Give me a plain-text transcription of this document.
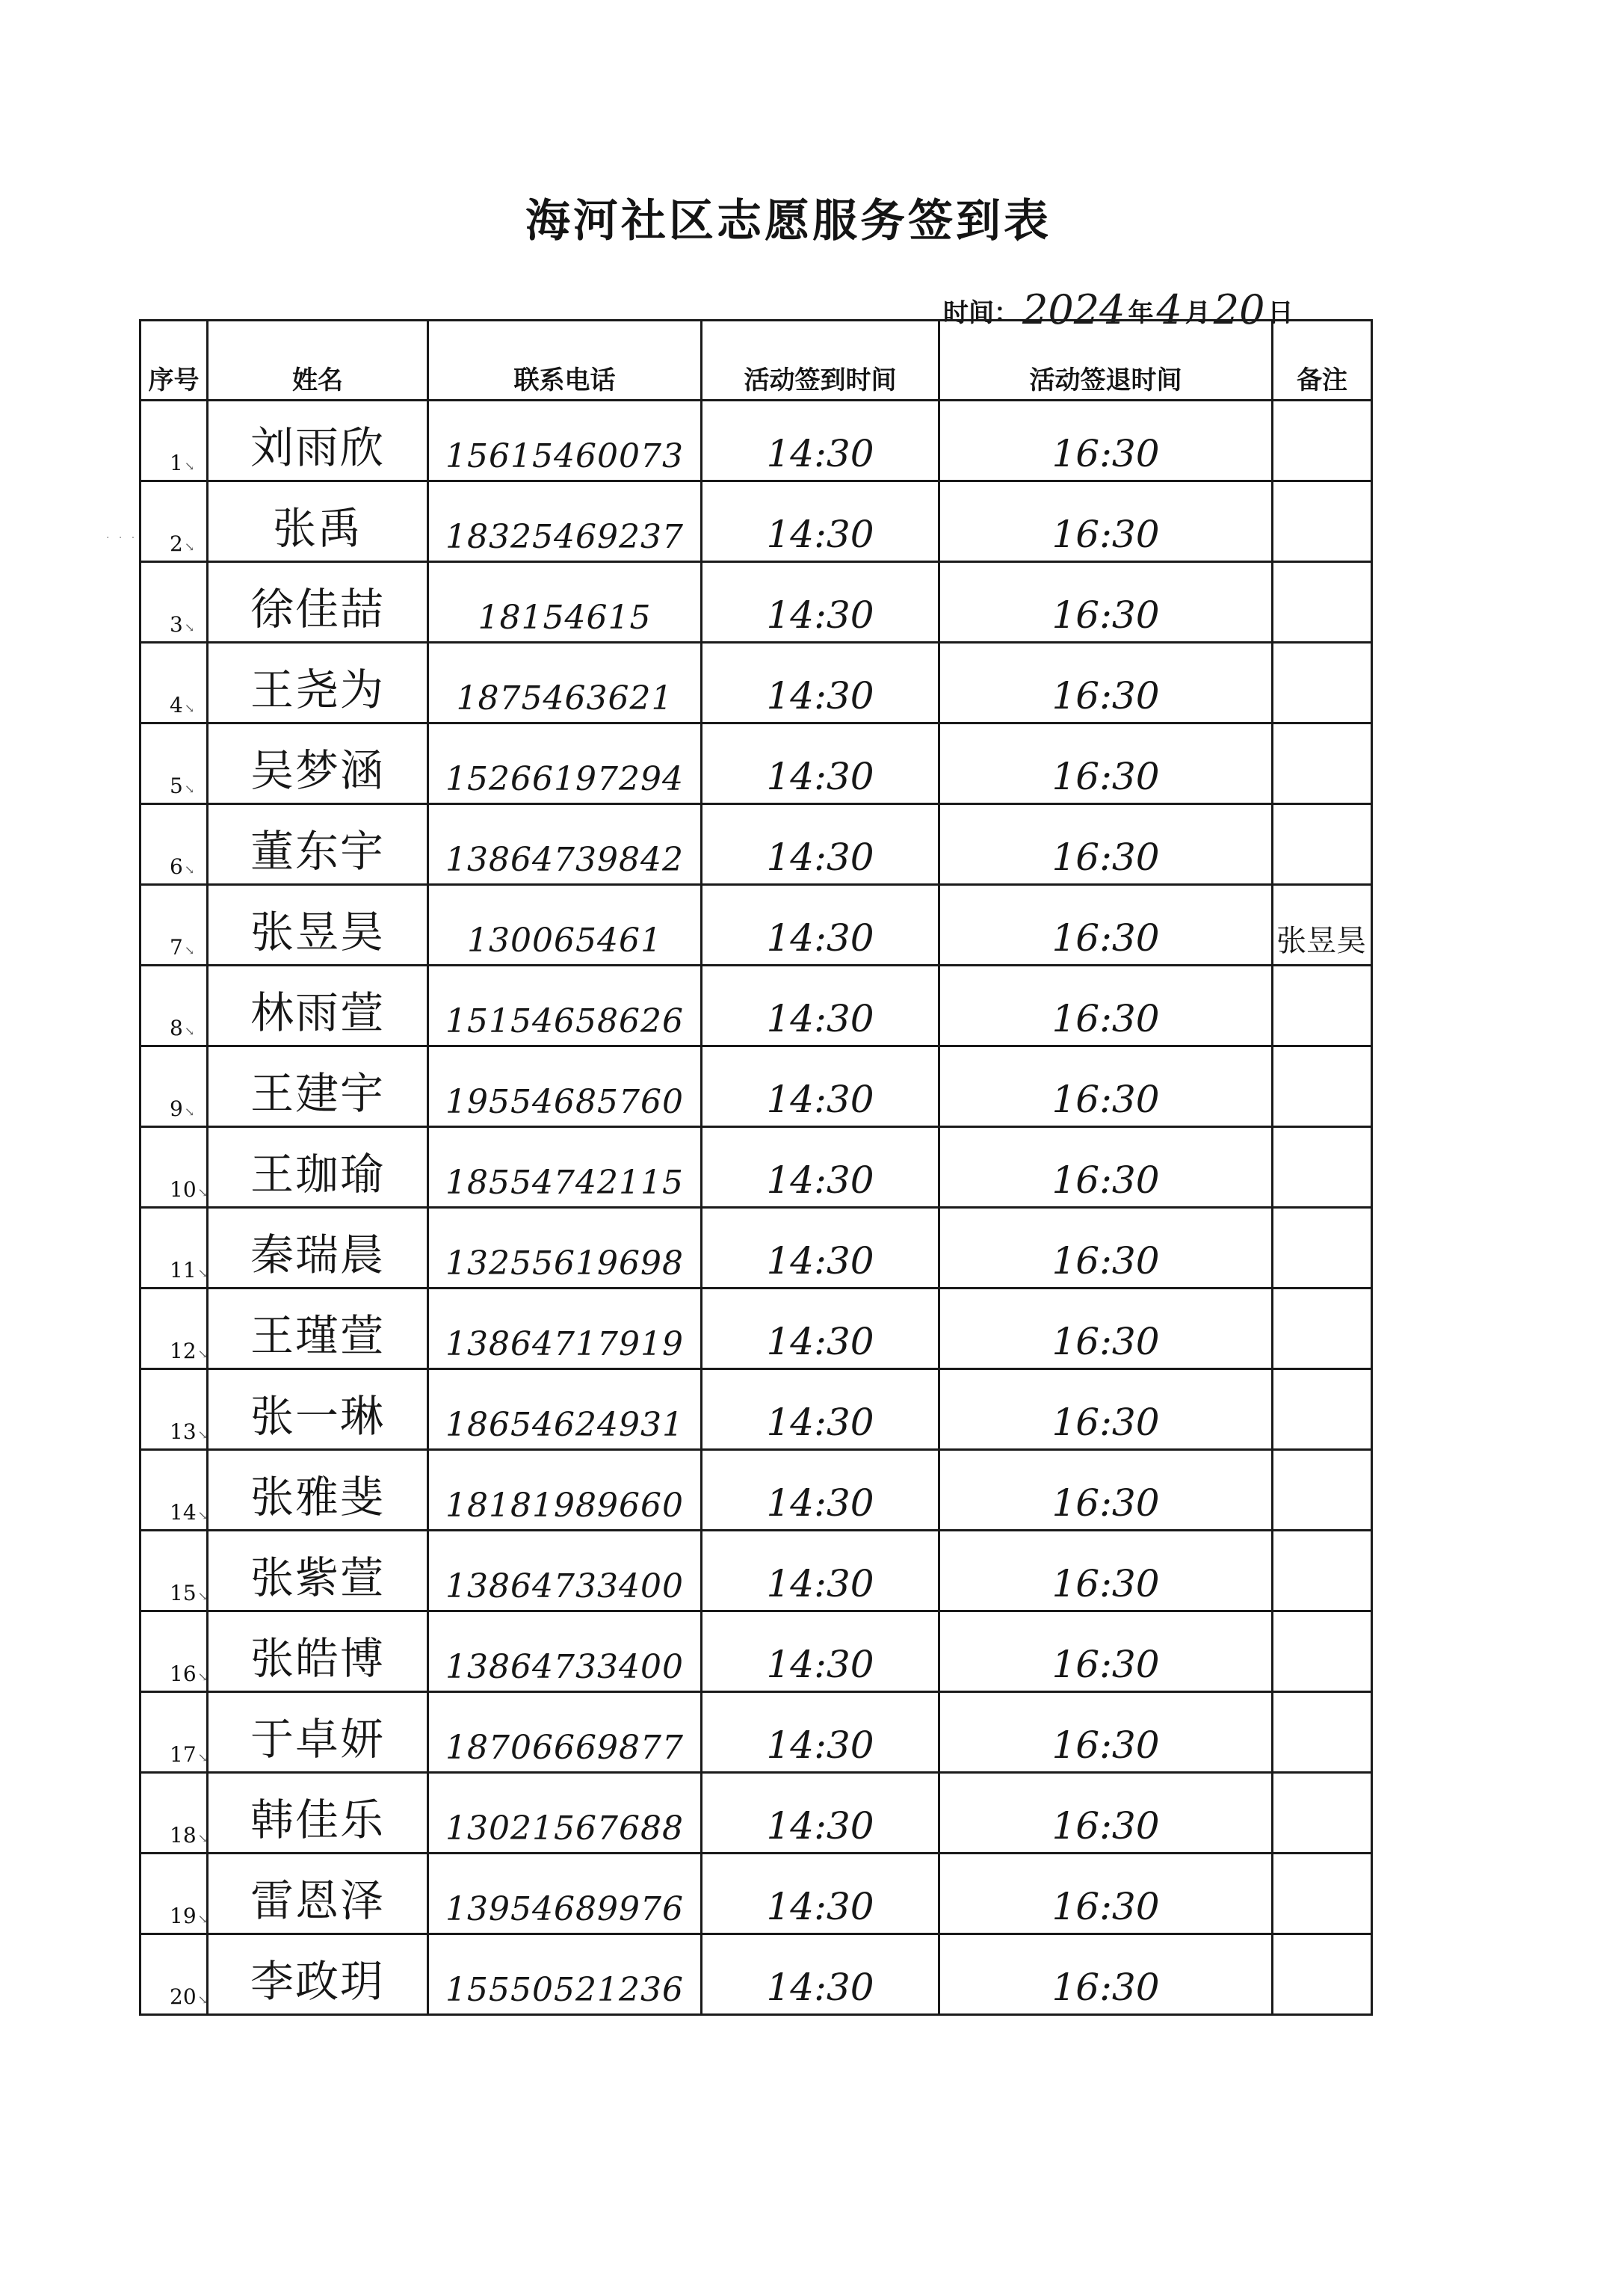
海河社区志愿服务签到表
时间： 2024 年 4 月 20 日
· · ·
序号	姓名	联系电话	活动签到时间	活动签退时间	备注
1 ↘	刘雨欣	15615460073	14:30	16:30	
2 ↘	张禹	18325469237	14:30	16:30	
3 ↘	徐佳喆	18154615	14:30	16:30	
4 ↘	王尧为	1875463621	14:30	16:30	
5 ↘	吴梦涵	15266197294	14:30	16:30	
6 ↘	董东宇	13864739842	14:30	16:30	
7 ↘	张昱昊	130065461	14:30	16:30	张昱昊
8 ↘	林雨萱	15154658626	14:30	16:30	
9 ↘	王建宇	19554685760	14:30	16:30	
10 ↘	王珈瑜	18554742115	14:30	16:30	
11 ↘	秦瑞晨	13255619698	14:30	16:30	
12 ↘	王瑾萱	13864717919	14:30	16:30	
13 ↘	张一琳	18654624931	14:30	16:30	
14 ↘	张雅斐	18181989660	14:30	16:30	
15 ↘	张紫萱	13864733400	14:30	16:30	
16 ↘	张皓博	13864733400	14:30	16:30	
17 ↘	于卓妍	18706669877	14:30	16:30	
18 ↘	韩佳乐	13021567688	14:30	16:30	
19 ↘	雷恩泽	13954689976	14:30	16:30	
20 ↘	李政玥	15550521236	14:30	16:30	
